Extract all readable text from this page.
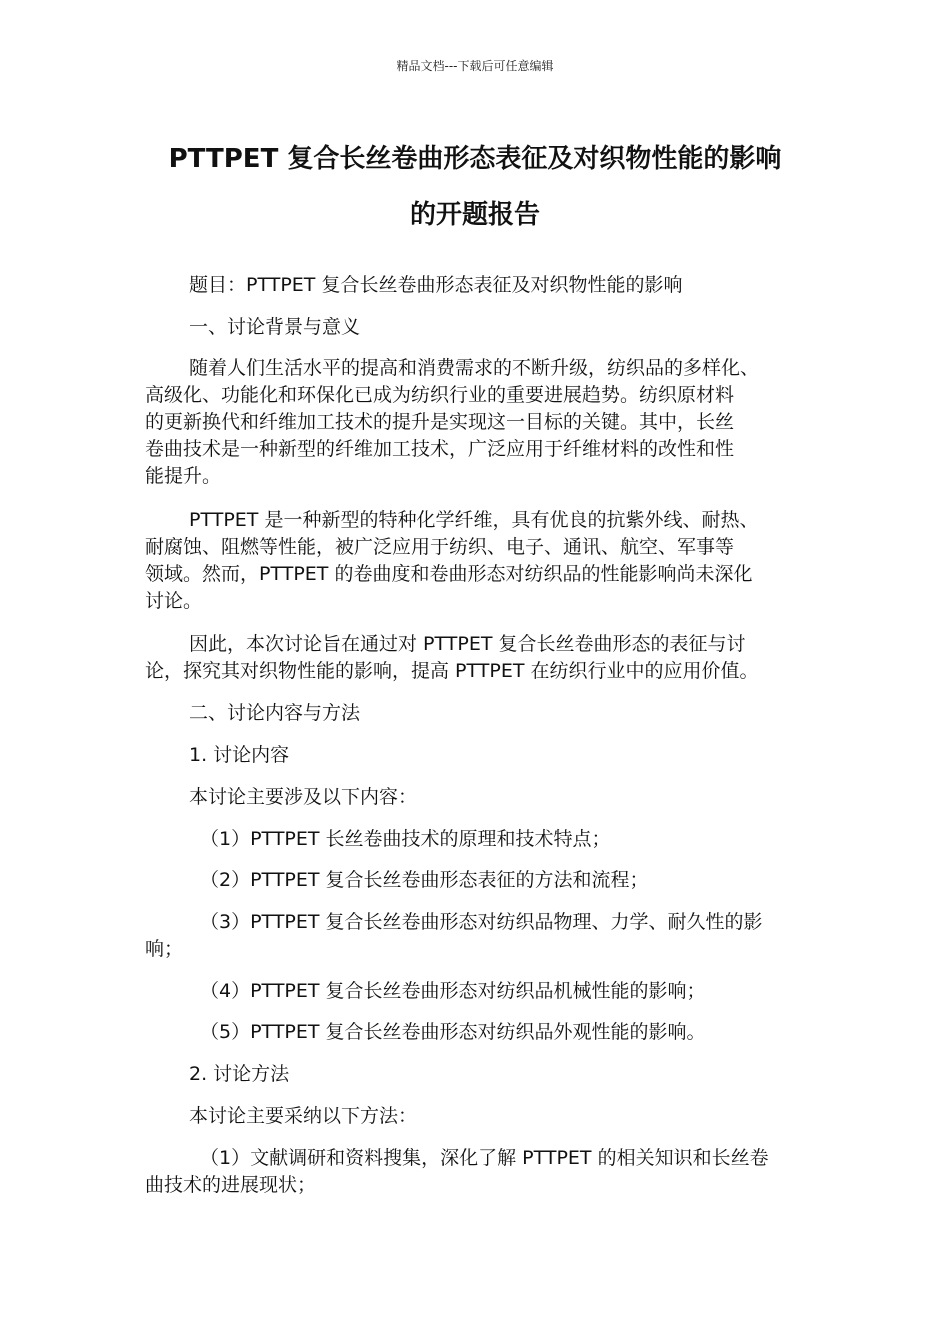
精品文档---下载后可任意编辑
PTTPET 复合长丝卷曲形态表征及对织物性能的影响
的开题报告
题目：PTTPET 复合长丝卷曲形态表征及对织物性能的影响
一、讨论背景与意义
随着人们生活水平的提高和消费需求的不断升级，纺织品的多样化、
高级化、功能化和环保化已成为纺织行业的重要进展趋势。纺织原材料
的更新换代和纤维加工技术的提升是实现这一目标的关键。其中，长丝
卷曲技术是一种新型的纤维加工技术，广泛应用于纤维材料的改性和性
能提升。
PTTPET 是一种新型的特种化学纤维，具有优良的抗紫外线、耐热、
耐腐蚀、阻燃等性能，被广泛应用于纺织、电子、通讯、航空、军事等
领域。然而，PTTPET 的卷曲度和卷曲形态对纺织品的性能影响尚未深化
讨论。
因此，本次讨论旨在通过对 PTTPET 复合长丝卷曲形态的表征与讨
论，探究其对织物性能的影响，提高 PTTPET 在纺织行业中的应用价值。
二、讨论内容与方法
1. 讨论内容
本讨论主要涉及以下内容：
（1）PTTPET 长丝卷曲技术的原理和技术特点；
（2）PTTPET 复合长丝卷曲形态表征的方法和流程；
（3）PTTPET 复合长丝卷曲形态对纺织品物理、力学、耐久性的影
响；
（4）PTTPET 复合长丝卷曲形态对纺织品机械性能的影响；
（5）PTTPET 复合长丝卷曲形态对纺织品外观性能的影响。
2. 讨论方法
本讨论主要采纳以下方法：
（1）文献调研和资料搜集，深化了解 PTTPET 的相关知识和长丝卷
曲技术的进展现状；
